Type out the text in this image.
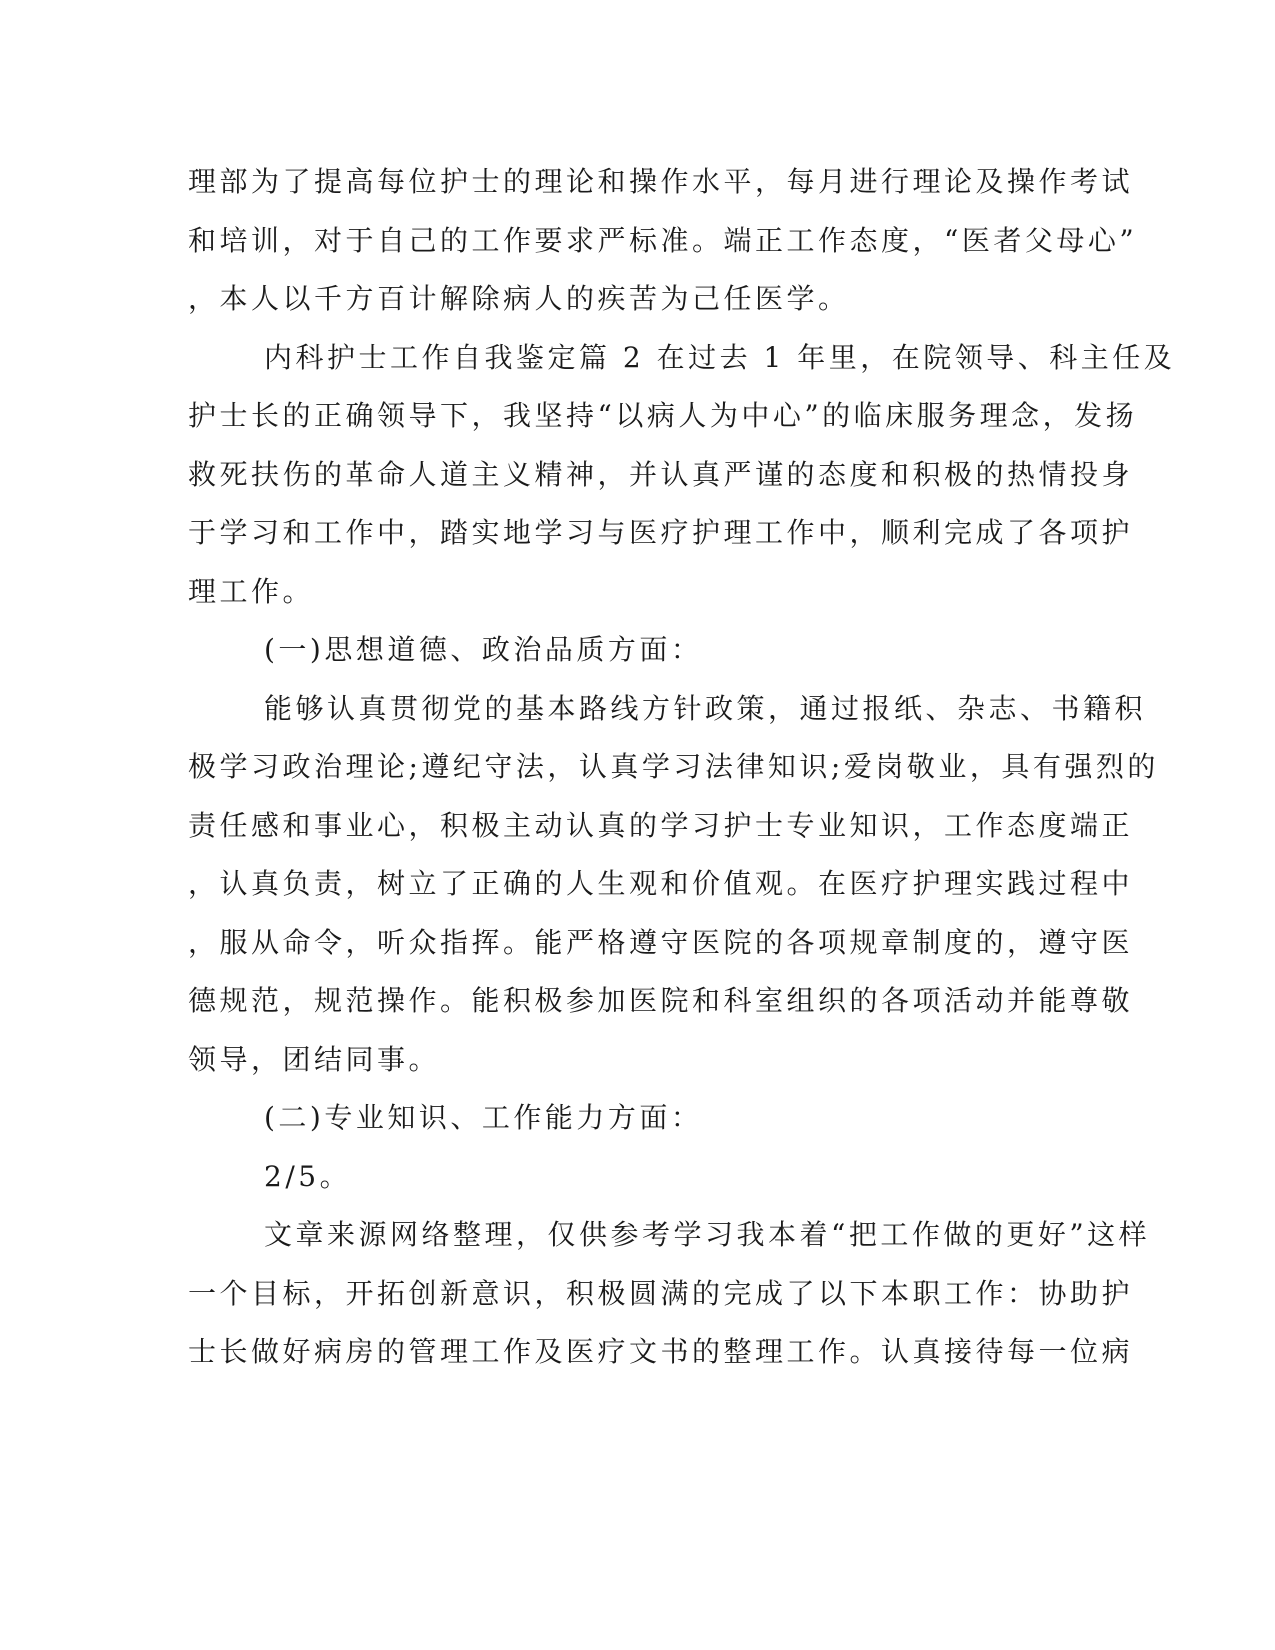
理部为了提高每位护士的理论和操作水平，每月进行理论及操作考试
和培训，对于自己的工作要求严标准。端正工作态度，“医者父母心”
，本人以千方百计解除病人的疾苦为己任医学。
内科护士工作自我鉴定篇 2 在过去 1 年里，在院领导、科主任及
护士长的正确领导下，我坚持“以病人为中心”的临床服务理念，发扬
救死扶伤的革命人道主义精神，并认真严谨的态度和积极的热情投身
于学习和工作中，踏实地学习与医疗护理工作中，顺利完成了各项护
理工作。
(一)思想道德、政治品质方面：
能够认真贯彻党的基本路线方针政策，通过报纸、杂志、书籍积
极学习政治理论;遵纪守法，认真学习法律知识;爱岗敬业，具有强烈的
责任感和事业心，积极主动认真的学习护士专业知识，工作态度端正
，认真负责，树立了正确的人生观和价值观。在医疗护理实践过程中
，服从命令，听众指挥。能严格遵守医院的各项规章制度的，遵守医
德规范，规范操作。能积极参加医院和科室组织的各项活动并能尊敬
领导，团结同事。
(二)专业知识、工作能力方面：
2/5。
文章来源网络整理，仅供参考学习我本着“把工作做的更好”这样
一个目标，开拓创新意识，积极圆满的完成了以下本职工作：协助护
士长做好病房的管理工作及医疗文书的整理工作。认真接待每一位病
